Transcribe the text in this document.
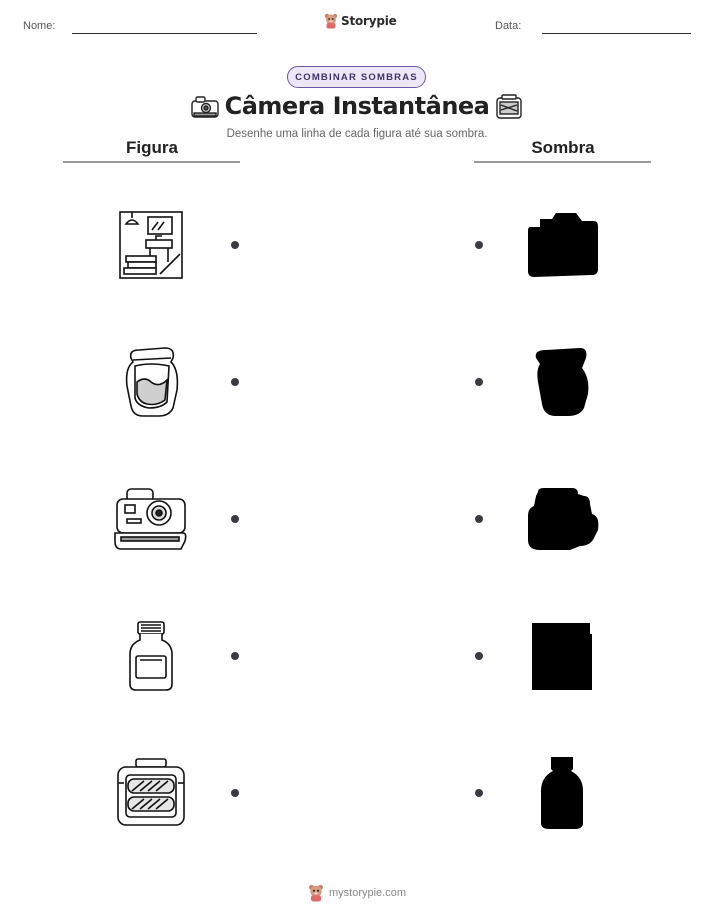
Nome:	Storypie	Data:
COMBINAR SOMBRAS
Câmera Instantânea
Desenhe uma linha de cada figura até sua sombra.
Figura	Sombra
mystorypie.com
